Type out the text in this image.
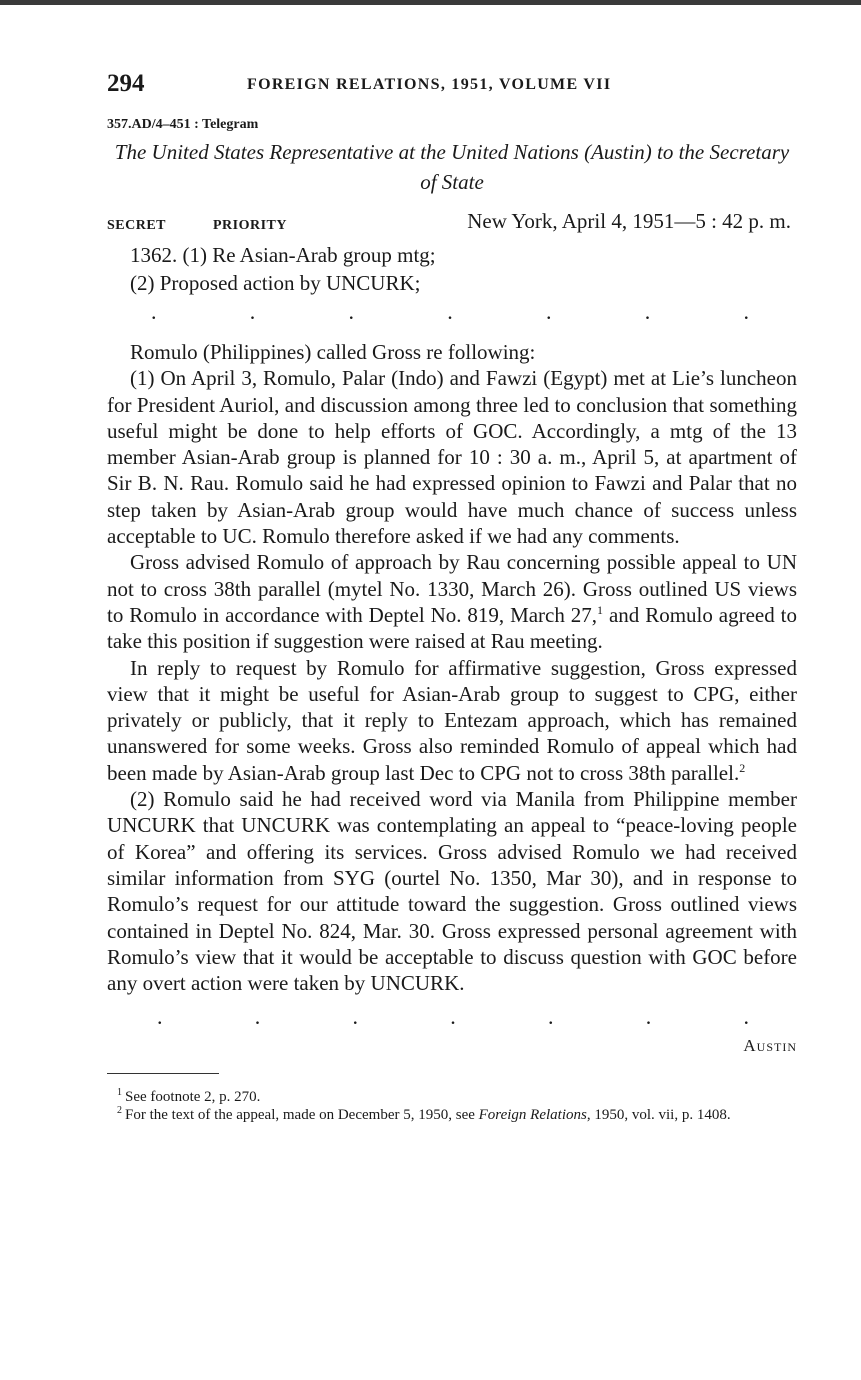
294	FOREIGN RELATIONS, 1951, VOLUME VII
357.AD/4–451 : Telegram
The United States Representative at the United Nations (Austin) to the Secretary of State
SECRET	PRIORITY	New York, April 4, 1951—5 : 42 p. m.
1362. (1) Re Asian-Arab group mtg;
(2) Proposed action by UNCURK;
.	.	.	.	.	.	.

Romulo (Philippines) called Gross re following:

(1) On April 3, Romulo, Palar (Indo) and Fawzi (Egypt) met at Lie’s luncheon for President Auriol, and discussion among three led to conclusion that something useful might be done to help efforts of GOC. Accordingly, a mtg of the 13 member Asian-Arab group is planned for 10 : 30 a. m., April 5, at apartment of Sir B. N. Rau. Romulo said he had expressed opinion to Fawzi and Palar that no step taken by Asian-Arab group would have much chance of success unless acceptable to UC. Romulo therefore asked if we had any comments.

Gross advised Romulo of approach by Rau concerning possible appeal to UN not to cross 38th parallel (mytel No. 1330, March 26). Gross outlined US views to Romulo in accordance with Deptel No. 819, March 27,$^1$ and Romulo agreed to take this position if suggestion were raised at Rau meeting.

In reply to request by Romulo for affirmative suggestion, Gross expressed view that it might be useful for Asian-Arab group to suggest to CPG, either privately or publicly, that it reply to Entezam approach, which has remained unanswered for some weeks. Gross also reminded Romulo of appeal which had been made by Asian-Arab group last Dec to CPG not to cross 38th parallel.$^2$

(2) Romulo said he had received word via Manila from Philippine member UNCURK that UNCURK was contemplating an appeal to “peace-loving people of Korea” and offering its services. Gross advised Romulo we had received similar information from SYG (ourtel No. 1350, Mar 30), and in response to Romulo’s request for our attitude toward the suggestion. Gross outlined views contained in Deptel No. 824, Mar. 30. Gross expressed personal agreement with Romulo’s view that it would be acceptable to discuss question with GOC before any overt action were taken by UNCURK.

.	.	.	.	.	.	.
Austin

$^1$ See footnote 2, p. 270.

$^2$ For the text of the appeal, made on December 5, 1950, see Foreign Relations, 1950, vol. vii, p. 1408.
